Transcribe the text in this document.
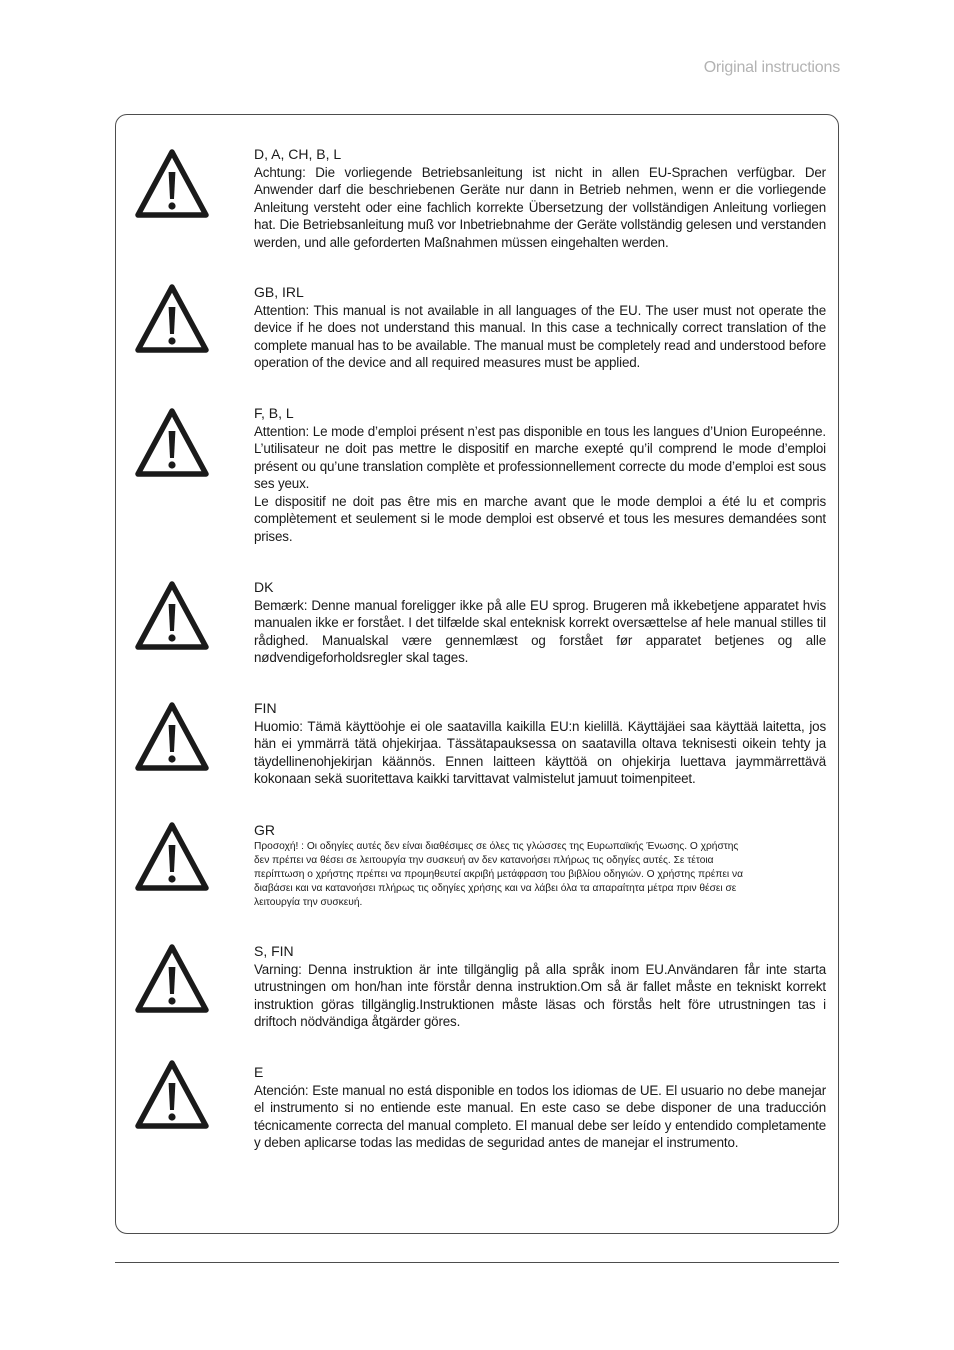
Original instructions

D, A, CH, B, L

Achtung: Die vorliegende Betriebsanleitung ist nicht in allen EU-Sprachen verfügbar. Der Anwender darf die beschriebenen Geräte nur dann in Betrieb nehmen, wenn er die vorliegende Anleitung versteht oder eine fachlich korrekte Übersetzung der vollständigen Anleitung vorliegen hat. Die Betriebsanleitung muß vor Inbetriebnahme der Geräte vollständig gelesen und verstanden werden, und alle geforderten Maßnahmen müssen eingehalten werden.

GB, IRL

Attention: This manual is not available in all languages of the EU. The user must not operate the device if he does not understand this manual. In this case a technically correct translation of the complete manual has to be available. The manual must be completely read and understood before operation of the device and all required measures must be applied.

F, B, L

Attention: Le mode d’emploi présent n’est pas disponible en tous les langues d’Union Europeénne. L’utilisateur ne doit pas mettre le dispositif en marche exepté qu’il comprend le mode d’emploi présent ou qu’une translation complète et professionnellement correcte du mode d’emploi est sous ses yeux.

Le dispositif ne doit pas être mis en marche avant que le mode demploi a été lu et compris complètement et seulement si le mode demploi est observé et tous les mesures demandées sont prises.

DK

Bemærk: Denne manual foreligger ikke på alle EU sprog. Brugeren må ikkebetjene apparatet hvis manualen ikke er forstået. I det tilfælde skal enteknisk korrekt oversættelse af hele manual stilles til rådighed. Manualskal være gennemlæst og forstået før apparatet betjenes og alle nødvendigeforholdsregler skal tages.

FIN

Huomio: Tämä käyttöohje ei ole saatavilla kaikilla EU:n kielillä. Käyttäjäei saa käyttää laitetta, jos hän ei ymmärrä tätä ohjekirjaa. Tässätapauksessa on saatavilla oltava teknisesti oikein tehty ja täydellinenohjekirjan käännös. Ennen laitteen käyttöä on ohjekirja luettava jaymmärrettävä kokonaan sekä suoritettava kaikki tarvittavat valmistelut jamuut toimenpiteet.

GR

Προσοχή! : Οι οδηγίες αυτές δεν είναι διαθέσιμες σε όλες τις γλώσσες της Ευρωπαϊκής Ένωσης. Ο χρήστης δεν πρέπει να θέσει σε λειτουργία την συσκευή αν δεν κατανοήσει πλήρως τις οδηγίες αυτές. Σε τέτοια περίπτωση ο χρήστης πρέπει να προμηθευτεί ακριβή μετάφραση του βιβλίου οδηγιών. Ο χρήστης πρέπει να διαβάσει και να κατανοήσει πλήρως τις οδηγίες χρήσης και να λάβει όλα τα απαραίτητα μέτρα πριν θέσει σε λειτουργία την συσκευή.

S, FIN

Varning: Denna instruktion är inte tillgänglig på alla språk inom EU.Användaren får inte starta utrustningen om hon/han inte förstår denna instruktion.Om så är fallet måste en tekniskt korrekt instruktion göras tillgänglig.Instruktionen måste läsas och förstås helt före utrustningen tas i driftoch nödvändiga åtgärder göres.

E

Atención: Este manual no está disponible en todos los idiomas de UE. El usuario no debe manejar el instrumento si no entiende este manual. En este caso se debe disponer de una traducción técnicamente correcta del manual completo. El manual debe ser leído y entendido completamente y deben aplicarse todas las medidas de seguridad antes de manejar el instrumento.
